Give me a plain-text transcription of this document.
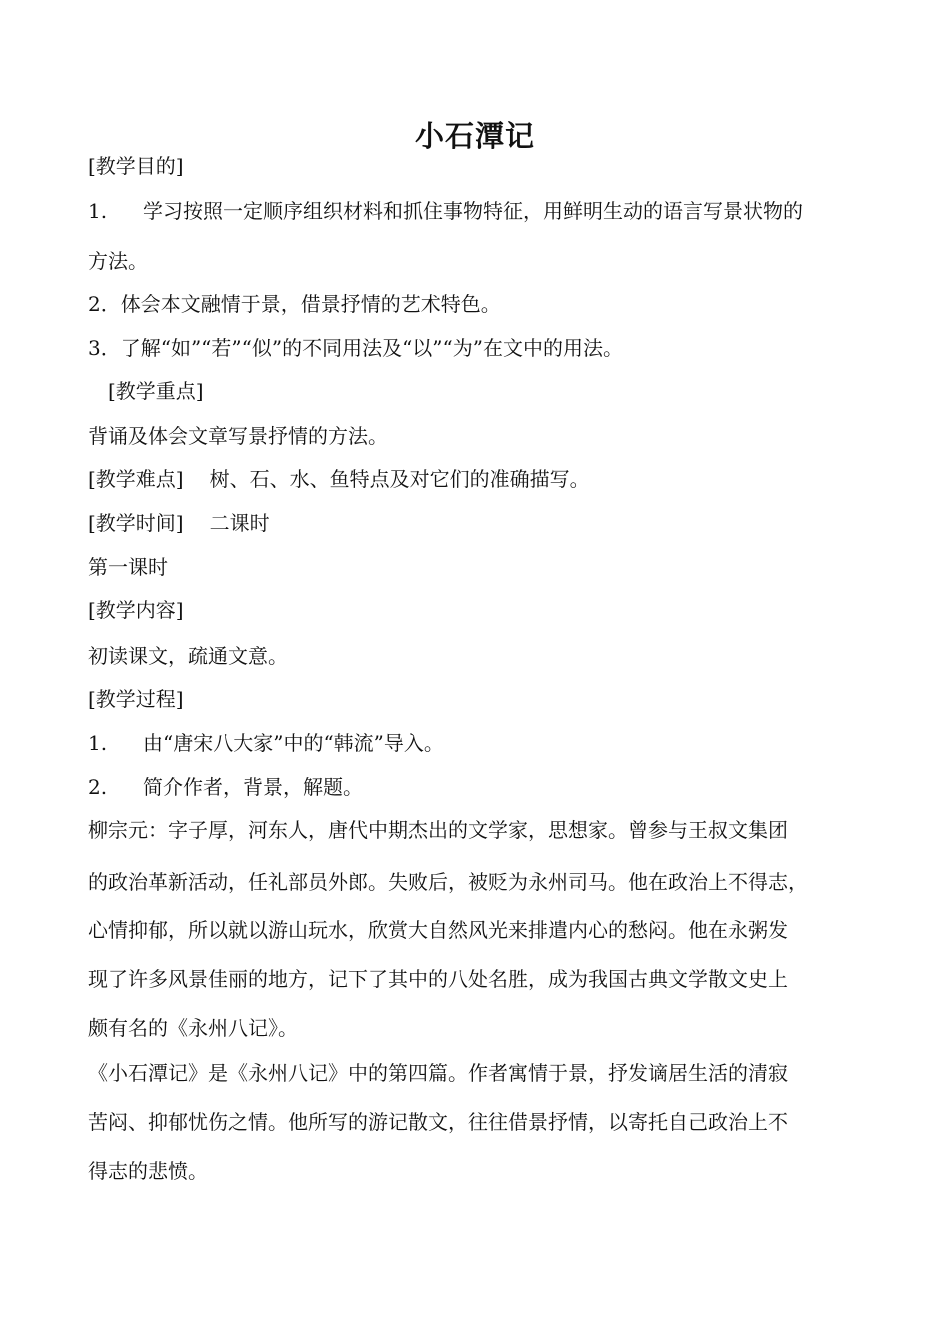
小石潭记
[教学目的]
1. 学习按照一定顺序组织材料和抓住事物特征，用鲜明生动的语言写景状物的
方法。
2．体会本文融情于景，借景抒情的艺术特色。
3．了解“如”“若”“似”的不同用法及“以”“为”在文中的用法。
[教学重点]
背诵及体会文章写景抒情的方法。
[教学难点] 树、石、水、鱼特点及对它们的准确描写。
[教学时间] 二课时
第一课时
[教学内容]
初读课文，疏通文意。
[教学过程]
1. 由“唐宋八大家”中的“韩流”导入。
2. 简介作者，背景，解题。
柳宗元：字子厚，河东人，唐代中期杰出的文学家，思想家。曾参与王叔文集团
的政治革新活动，任礼部员外郎。失败后，被贬为永州司马。他在政治上不得志，
心情抑郁，所以就以游山玩水，欣赏大自然风光来排遣内心的愁闷。他在永粥发
现了许多风景佳丽的地方，记下了其中的八处名胜，成为我国古典文学散文史上
颇有名的《永州八记》。
《小石潭记》是《永州八记》中的第四篇。作者寓情于景，抒发谪居生活的清寂
苦闷、抑郁忧伤之情。他所写的游记散文，往往借景抒情，以寄托自己政治上不
得志的悲愤。
